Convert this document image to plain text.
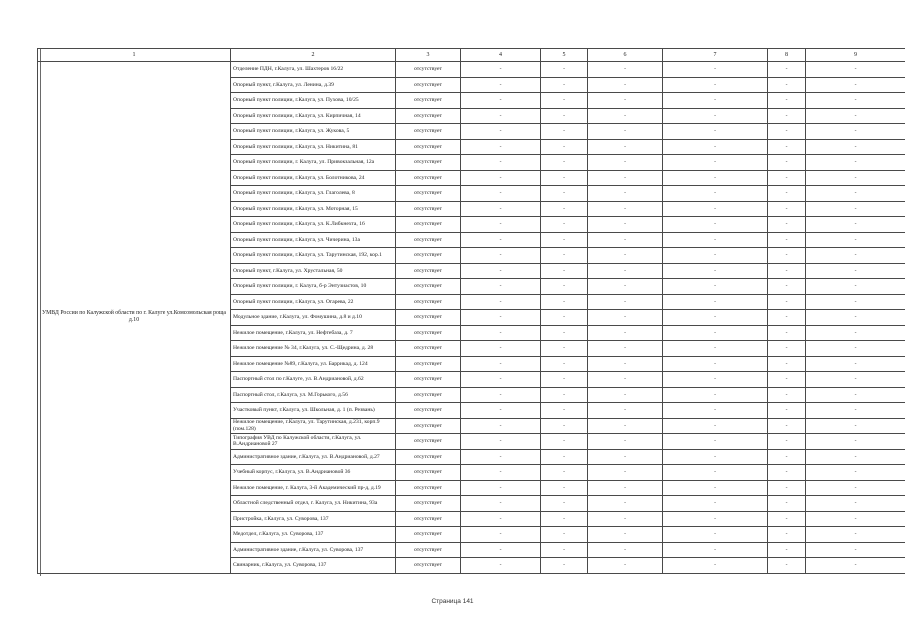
1	2	3	4	5	6	7	8	9
УМВД России по Калужской области по г. Калуге ул.Комсомольская роща д.10	Отделение ПДН, г.Калуга, ул. Шахтеров 16/22	отсутствует	-	-	-	-	-	-
	Опорный пункт, г.Калуга, ул. Ленина, д.39	отсутствует	-	-	-	-	-	-
	Опорный пункт полиции, г.Калуга, ул. Пухова, 10/25	отсутствует	-	-	-	-	-	-
	Опорный пункт полиции, г.Калуга, ул. Кирпичная, 14	отсутствует	-	-	-	-	-	-
	Опорный пункт полиции, г.Калуга, ул. Жукова, 5	отсутствует	-	-	-	-	-	-
	Опорный пункт полиции, г.Калуга, ул. Никитина, 81	отсутствует	-	-	-	-	-	-
	Опорный пункт полиции, г. Калуга, ул. Привокзальная, 12а	отсутствует	-	-	-	-	-	-
	Опорный пункт полиции, г.Калуга, ул. Болотникова, 24	отсутствует	-	-	-	-	-	-
	Опорный пункт полиции, г.Калуга, ул. Глаголева, 8	отсутствует	-	-	-	-	-	-
	Опорный пункт полиции, г.Калуга, ул. Моторная, 15	отсутствует	-	-	-	-	-	-
	Опорный пункт полиции, г.Калуга, ул. К.Либкнехта, 16	отсутствует	-	-	-	-	-	-
	Опорный пункт полиции, г.Калуга, ул. Чичерина, 13а	отсутствует	-	-	-	-	-	-
	Опорный пункт полиции, г.Калуга, ул. Тарутинская, 192, кор.1	отсутствует	-	-	-	-	-	-
	Опорный пункт, г.Калуга, ул. Хрустальная, 50	отсутствует	-	-	-	-	-	-
	Опорный пункт полиции, г. Калуга, б-р Энтузиастов, 10	отсутствует	-	-	-	-	-	-
	Опорный пункт полиции, г.Калуга, ул. Огарева, 22	отсутствует	-	-	-	-	-	-
	Модульное здание, г.Калуга, ул. Фомушина, д.8 и д.10	отсутствует	-	-	-	-	-	-
	Нежилое помещение, г.Калуга, ул. Нефтебаза, д. 7	отсутствует	-	-	-	-	-	-
	Нежилое помещение № 34, г.Калуга, ул. С.-Щедрина, д. 28	отсутствует	-	-	-	-	-	-
	Нежилое помещение №89, г.Калуга, ул. Баррикад, д. 124	отсутствует	-	-	-	-	-	-
	Паспортный стол по г.Калуге, ул. В.Андриановой, д.62	отсутствует	-	-	-	-	-	-
	Паспортный стол, г.Калуга, ул. М.Горького, д.56	отсутствует	-	-	-	-	-	-
	Участковый пункт, г.Калуга, ул. Школьная, д. 1 (п. Резвань)	отсутствует	-	-	-	-	-	-
	Нежилое помещение, г.Калуга, ул. Тарутинская, д.231, корп.9 (пом.128)	отсутствует	-	-	-	-	-	-
	Типография УВД по Калужской области, г.Калуга, ул. В.Андриановой 27	отсутствует	-	-	-	-	-	-
	Административное здание, г.Калуга, ул. В.Андриановой, д.27	отсутствует	-	-	-	-	-	-
	Учебный корпус, г.Калуга, ул. В.Андриановой 36	отсутствует	-	-	-	-	-	-
	Нежилое помещение, г. Калуга, 3-й Академический пр-д, д.19	отсутствует	-	-	-	-	-	-
	Областной следственный отдел, г. Калуга, ул. Никитина, 93а	отсутствует	-	-	-	-	-	-
	Пристройка, г.Калуга, ул. Суворова, 137	отсутствует	-	-	-	-	-	-
	Медотдел, г.Калуга, ул. Суворова, 137	отсутствует	-	-	-	-	-	-
	Административное здание, г.Калуга, ул. Суворова, 137	отсутствует	-	-	-	-	-	-
	Свинарник, г.Калуга, ул. Суворова, 137	отсутствует	-	-	-	-	-	-
Страница 141
